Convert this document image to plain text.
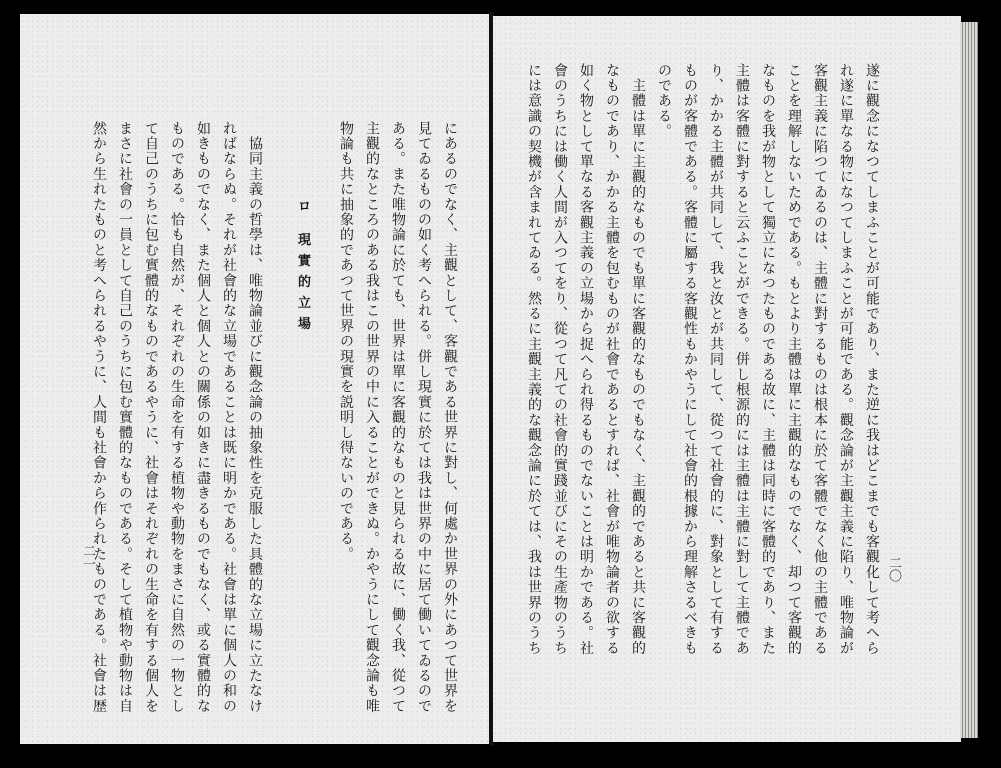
にあるのでなく、主觀として、客觀である世界に對し、何處か世界の外にあつて世界を
見てゐるものの如く考へられる。併し現實に於ては我は世界の中に居て働いてゐるので
ある。また唯物論に於ても、世界は單に客觀的なものと見られる故に、働く我、從つて
主觀的なところのある我はこの世界の中に入ることができぬ。かやうにして觀念論も唯
物論も共に抽象的であつて世界の現實を説明し得ないのである。
ロ 現實的立場
　協同主義の哲學は、唯物論並びに觀念論の抽象性を克服した具體的な立場に立たなけ
ればならぬ。それが社會的な立場であることは既に明かである。社會は單に個人の和の
如きものでなく、また個人と個人との關係の如きに盡きるものでもなく、或る實體的な
ものである。恰も自然が、それぞれの生命を有する植物や動物をまさに自然の一物とし
て自己のうちに包む實體的なものであるやうに、社會はそれぞれの生命を有する個人を
まさに社會の一員として自己のうちに包む實體的なものである。そして植物や動物は自
然から生れたものと考へられるやうに、人間も社會から作られたものである。社會は歴
二一	二〇
遂に觀念になつてしまふことが可能であり、また逆に我はどこまでも客觀化して考へら
れ遂に單なる物になつてしまふことが可能である。觀念論が主觀主義に陷り、唯物論が
客觀主義に陷つてゐるのは、主體に對するものは根本に於て客體でなく他の主體である
ことを理解しないためである。もとより主體は單に主觀的なものでなく、却つて客觀的
なものを我が物として獨立になつたものである故に、主體は同時に客體的であり、また
主體は客體に對すると云ふことができる。併し根源的には主體は主體に對して主體であ
り、かかる主體が共同して、我と汝とが共同して、從つて社會的に、對象として有する
ものが客體である。客體に屬する客觀性もかやうにして社會的根據から理解さるべきも
のである。
　主體は單に主觀的なものでも單に客觀的なものでもなく、主觀的であると共に客觀的
なものであり、かかる主體を包むものが社會であるとすれば、社會が唯物論者の欲する
如く物として單なる客觀主義の立場から捉へられ得るものでないことは明かである。社
會のうちには働く人間が入つてをり、從つて凡ての社會的實踐並びにその生產物のうち
には意識の契機が含まれてゐる。然るに主觀主義的な觀念論に於ては、我は世界のうち
